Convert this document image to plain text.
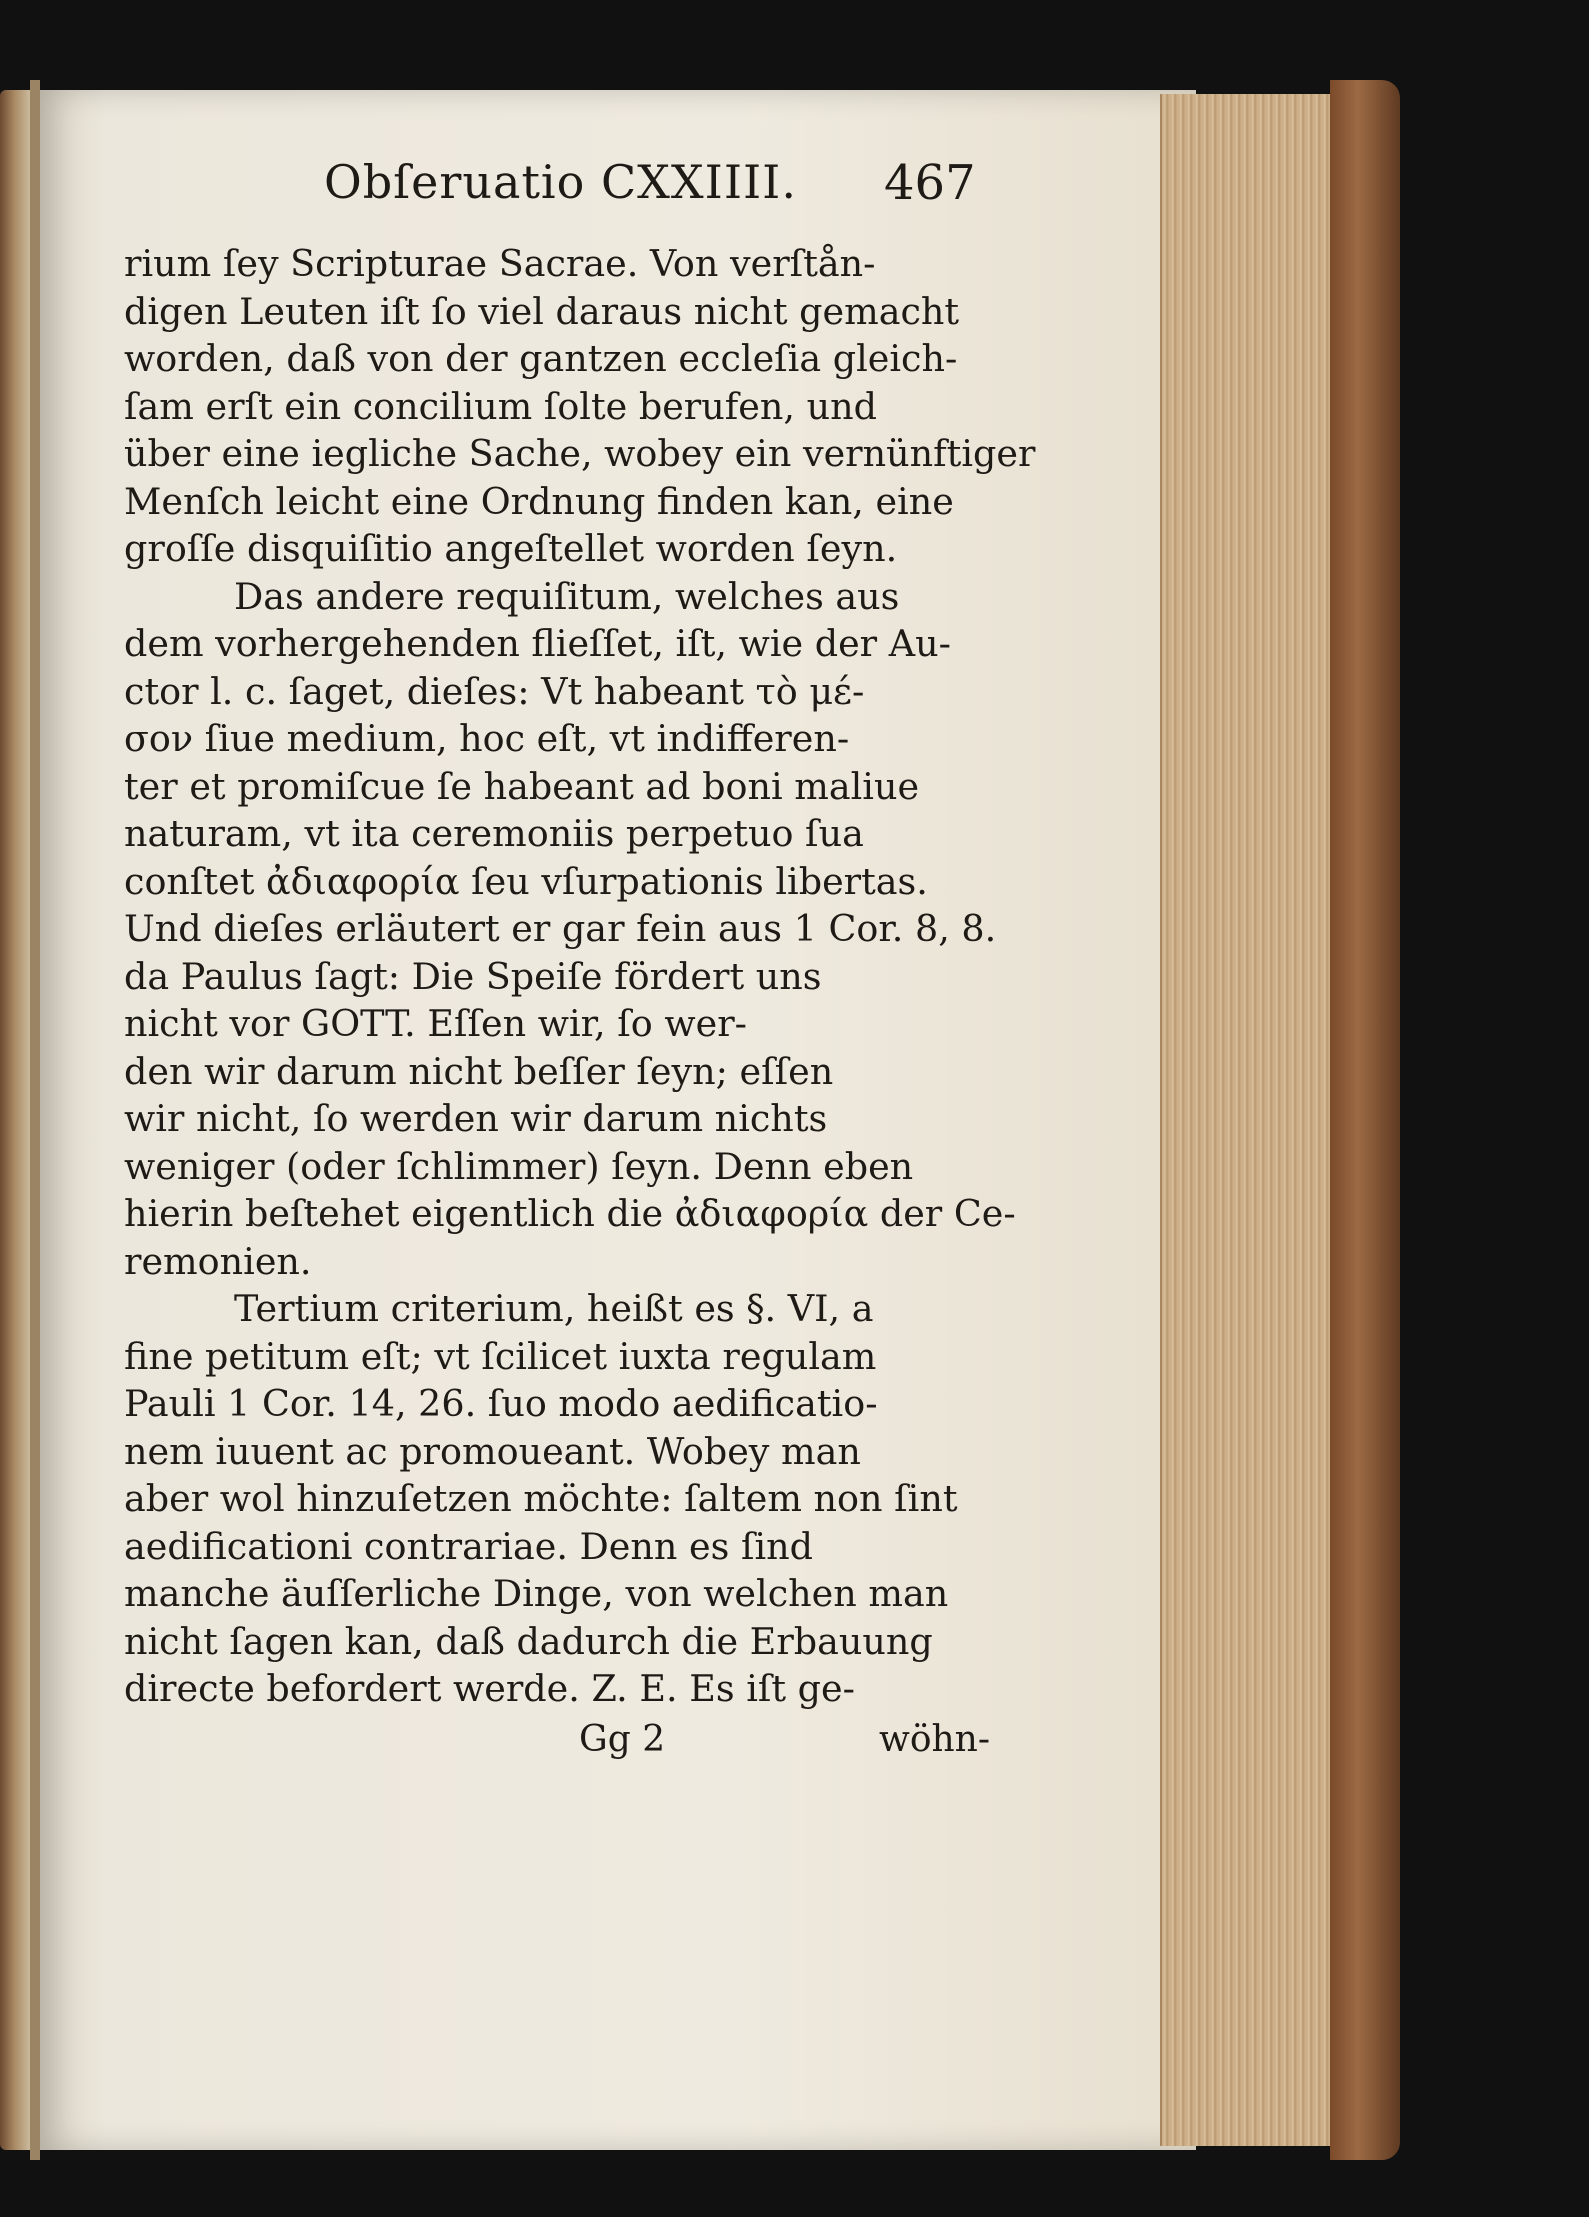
Obſeruatio CXXIIII. 467
rium ſey Scripturae Sacrae. Von verſtån-
digen Leuten iſt ſo viel daraus nicht gemacht
worden, daß von der gantzen eccleſia gleich-
ſam erſt ein concilium ſolte berufen, und
über eine iegliche Sache, wobey ein vernünftiger
Menſch leicht eine Ordnung finden kan, eine
groſſe disquiſitio angeſtellet worden ſeyn.
Das andere requiſitum, welches aus
dem vorhergehenden flieſſet, iſt, wie der Au-
ctor l. c. ſaget, dieſes: Vt habeant τὸ μέ-
σον ſiue medium, hoc eſt, vt indifferen-
ter et promiſcue ſe habeant ad boni maliue
naturam, vt ita ceremoniis perpetuo ſua
conſtet ἀδιαφορία ſeu vſurpationis libertas.
Und dieſes erläutert er gar fein aus 1 Cor. 8, 8.
da Paulus ſagt: Die Speiſe fördert uns
nicht vor GOTT. Eſſen wir, ſo wer-
den wir darum nicht beſſer ſeyn; eſſen
wir nicht, ſo werden wir darum nichts
weniger (oder ſchlimmer) ſeyn. Denn eben
hierin beſtehet eigentlich die ἀδιαφορία der Ce-
remonien.
Tertium criterium, heißt es §. VI, a
fine petitum eſt; vt ſcilicet iuxta regulam
Pauli 1 Cor. 14, 26. ſuo modo aedificatio-
nem iuuent ac promoueant. Wobey man
aber wol hinzuſetzen möchte: ſaltem non ſint
aedificationi contrariae. Denn es ſind
manche äuſſerliche Dinge, von welchen man
nicht ſagen kan, daß dadurch die Erbauung
directe befordert werde. Z. E. Es iſt ge-
Gg 2	wöhn-
